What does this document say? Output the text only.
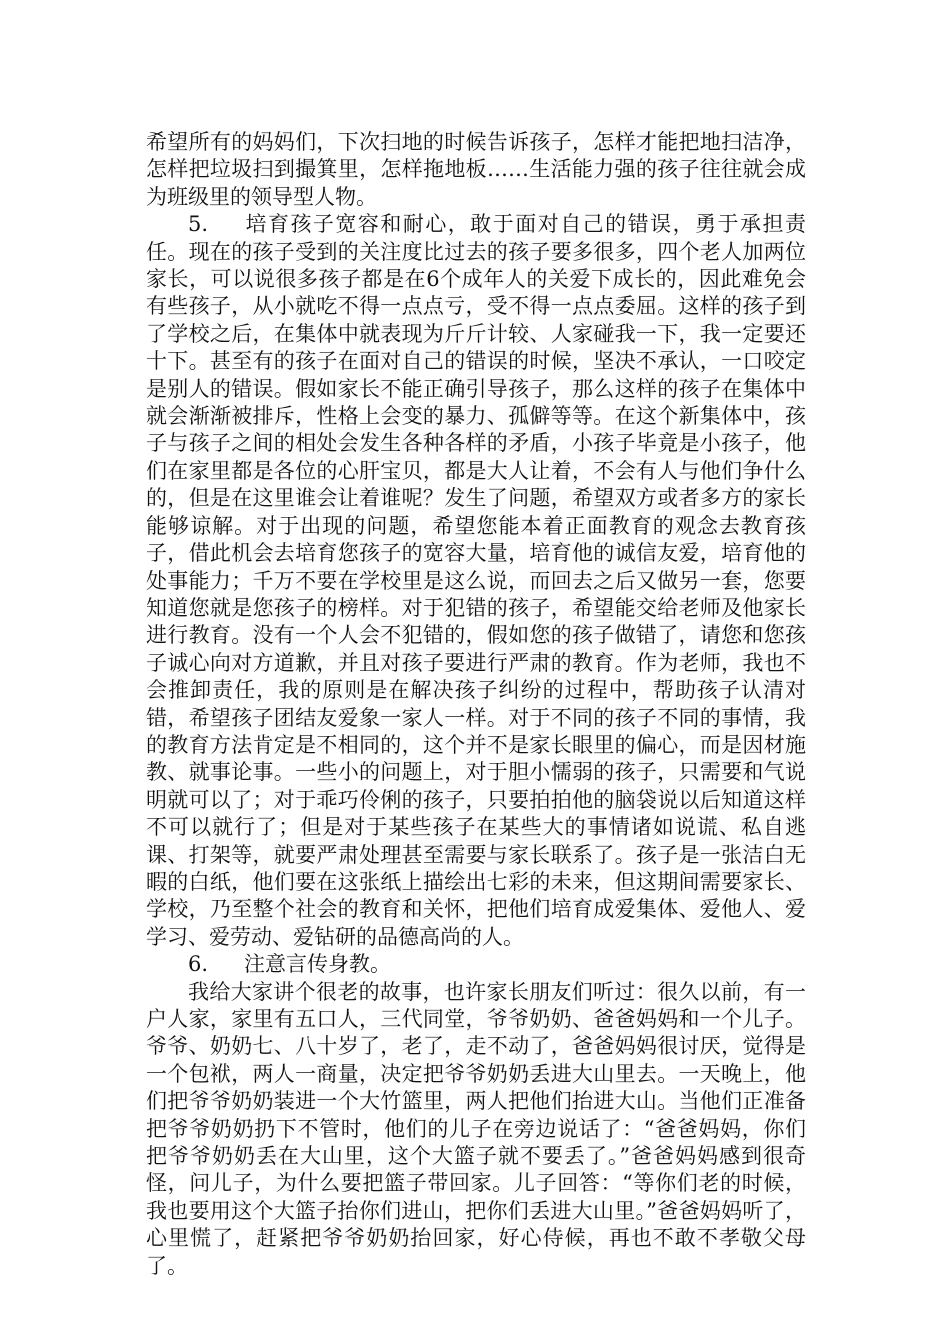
希望所有的妈妈们，下次扫地的时候告诉孩子，怎样才能把地扫洁净，怎样把垃圾扫到撮箕里，怎样拖地板……生活能力强的孩子往往就会成为班级里的领导型人物。

5. 培育孩子宽容和耐心，敢于面对自己的错误，勇于承担责任。现在的孩子受到的关注度比过去的孩子要多很多，四个老人加两位家长，可以说很多孩子都是在6个成年人的关爱下成长的，因此难免会有些孩子，从小就吃不得一点点亏，受不得一点点委屈。这样的孩子到了学校之后，在集体中就表现为斤斤计较、人家碰我一下，我一定要还十下。甚至有的孩子在面对自己的错误的时候，坚决不承认，一口咬定是别人的错误。假如家长不能正确引导孩子，那么这样的孩子在集体中就会渐渐被排斥，性格上会变的暴力、孤僻等等。在这个新集体中，孩子与孩子之间的相处会发生各种各样的矛盾，小孩子毕竟是小孩子，他们在家里都是各位的心肝宝贝，都是大人让着，不会有人与他们争什么的，但是在这里谁会让着谁呢？发生了问题，希望双方或者多方的家长能够谅解。对于出现的问题，希望您能本着正面教育的观念去教育孩子，借此机会去培育您孩子的宽容大量，培育他的诚信友爱，培育他的处事能力；千万不要在学校里是这么说，而回去之后又做另一套，您要知道您就是您孩子的榜样。对于犯错的孩子，希望能交给老师及他家长进行教育。没有一个人会不犯错的，假如您的孩子做错了，请您和您孩子诚心向对方道歉，并且对孩子要进行严肃的教育。作为老师，我也不会推卸责任，我的原则是在解决孩子纠纷的过程中，帮助孩子认清对错，希望孩子团结友爱象一家人一样。对于不同的孩子不同的事情，我的教育方法肯定是不相同的，这个并不是家长眼里的偏心，而是因材施教、就事论事。一些小的问题上，对于胆小懦弱的孩子，只需要和气说明就可以了；对于乖巧伶俐的孩子，只要拍拍他的脑袋说以后知道这样不可以就行了；但是对于某些孩子在某些大的事情诸如说谎、私自逃课、打架等，就要严肃处理甚至需要与家长联系了。孩子是一张洁白无暇的白纸，他们要在这张纸上描绘出七彩的未来，但这期间需要家长、学校，乃至整个社会的教育和关怀，把他们培育成爱集体、爱他人、爱学习、爱劳动、爱钻研的品德高尚的人。

6. 注意言传身教。

我给大家讲个很老的故事，也许家长朋友们听过：很久以前，有一户人家，家里有五口人，三代同堂，爷爷奶奶、爸爸妈妈和一个儿子。爷爷、奶奶七、八十岁了，老了，走不动了，爸爸妈妈很讨厌，觉得是一个包袱，两人一商量，决定把爷爷奶奶丢进大山里去。一天晚上，他们把爷爷奶奶装进一个大竹篮里，两人把他们抬进大山。当他们正准备把爷爷奶奶扔下不管时，他们的儿子在旁边说话了：“爸爸妈妈，你们把爷爷奶奶丢在大山里，这个大篮子就不要丢了。”爸爸妈妈感到很奇怪，问儿子，为什么要把篮子带回家。儿子回答：“等你们老的时候，我也要用这个大篮子抬你们进山，把你们丢进大山里。”爸爸妈妈听了，心里慌了，赶紧把爷爷奶奶抬回家，好心侍候，再也不敢不孝敬父母了。
